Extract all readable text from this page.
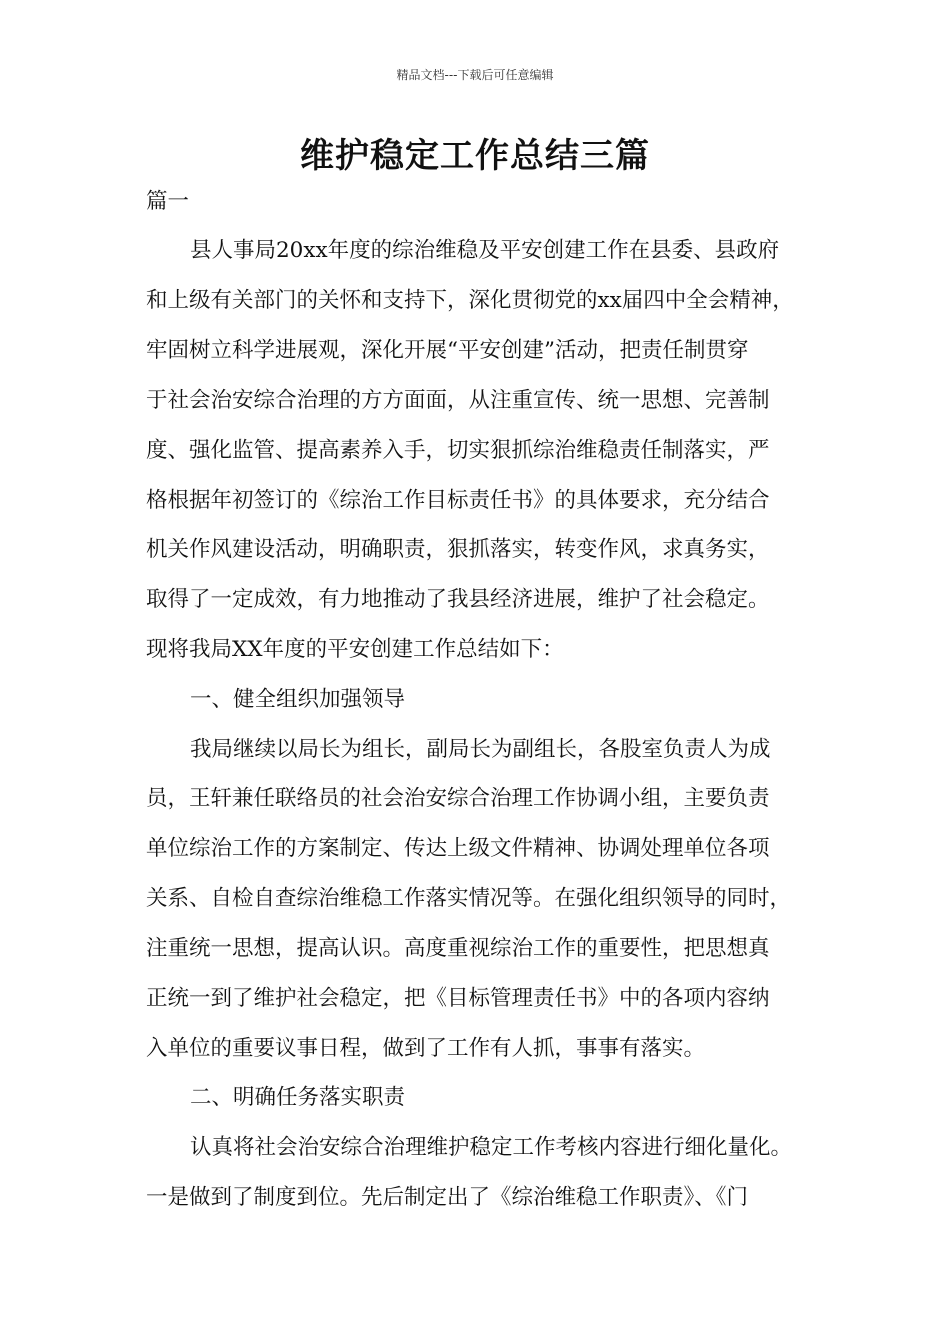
精品文档---下载后可任意编辑
维护稳定工作总结三篇
篇一
县人事局20xx年度的综治维稳及平安创建工作在县委、县政府
和上级有关部门的关怀和支持下，深化贯彻党的xx届四中全会精神，
牢固树立科学进展观，深化开展“平安创建”活动，把责任制贯穿
于社会治安综合治理的方方面面，从注重宣传、统一思想、完善制
度、强化监管、提高素养入手，切实狠抓综治维稳责任制落实，严
格根据年初签订的《综治工作目标责任书》的具体要求，充分结合
机关作风建设活动，明确职责，狠抓落实，转变作风，求真务实，
取得了一定成效，有力地推动了我县经济进展，维护了社会稳定。
现将我局XX年度的平安创建工作总结如下：
一、健全组织加强领导
我局继续以局长为组长，副局长为副组长，各股室负责人为成
员，王轩兼任联络员的社会治安综合治理工作协调小组，主要负责
单位综治工作的方案制定、传达上级文件精神、协调处理单位各项
关系、自检自查综治维稳工作落实情况等。在强化组织领导的同时，
注重统一思想，提高认识。高度重视综治工作的重要性，把思想真
正统一到了维护社会稳定，把《目标管理责任书》中的各项内容纳
入单位的重要议事日程，做到了工作有人抓，事事有落实。
二、明确任务落实职责
认真将社会治安综合治理维护稳定工作考核内容进行细化量化。
一是做到了制度到位。先后制定出了《综治维稳工作职责》、《门
